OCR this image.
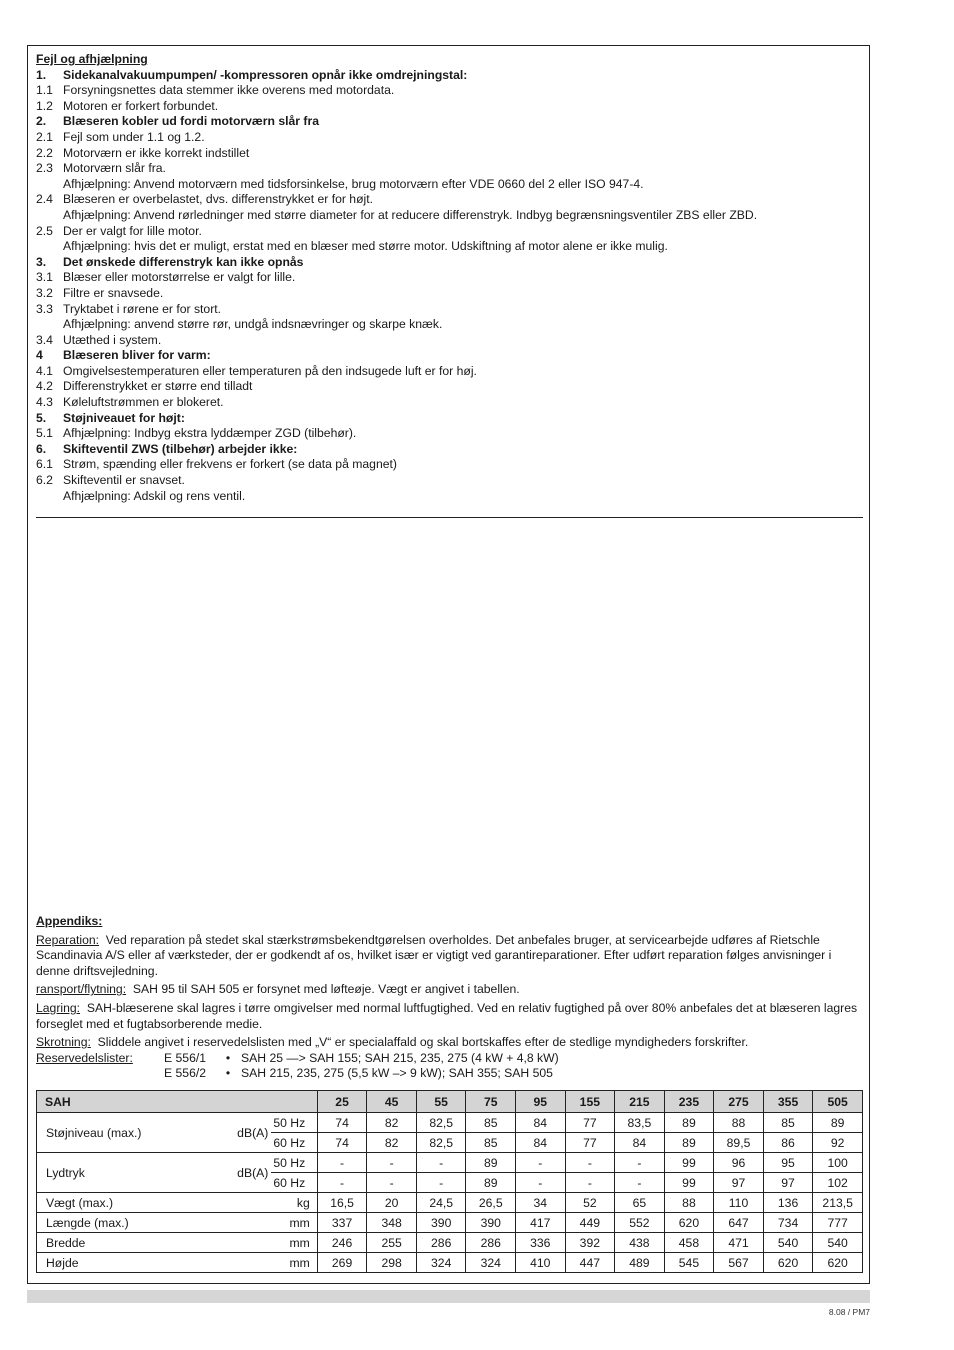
Fejl og afhjælpning
1. Sidekanalvakuumpumpen/ -kompressoren opnår ikke omdrejningstal:
1.1 Forsyningsnettes data stemmer ikke overens med motordata.
1.2 Motoren er forkert forbundet.
2. Blæseren kobler ud fordi motorværn slår fra
2.1 Fejl som under 1.1 og 1.2.
2.2 Motorværn er ikke korrekt indstillet
2.3 Motorværn slår fra.
Afhjælpning: Anvend motorværn med tidsforsinkelse, brug motorværn efter VDE 0660 del 2 eller ISO 947-4.
2.4 Blæseren er overbelastet, dvs. differenstrykket er for højt.
Afhjælpning: Anvend rørledninger med større diameter for at reducere differenstryk. Indbyg begrænsningsventiler ZBS eller ZBD.
2.5 Der er valgt for lille motor.
Afhjælpning: hvis det er muligt, erstat med en blæser med større motor. Udskiftning af motor alene er ikke mulig.
3. Det ønskede differenstryk kan ikke opnås
3.1 Blæser eller motorstørrelse er valgt for lille.
3.2 Filtre er snavsede.
3.3 Tryktabet i rørene er for stort.
Afhjælpning: anvend større rør, undgå indsnævringer og skarpe knæk.
3.4 Utæthed i system.
4 Blæseren bliver for varm:
4.1 Omgivelsestemperaturen eller temperaturen på den indsugede luft er for høj.
4.2 Differenstrykket er større end tilladt
4.3 Køleluftstrømmen er blokeret.
5. Støjniveauet for højt:
5.1 Afhjælpning: Indbyg ekstra lyddæmper ZGD (tilbehør).
6. Skifteventil ZWS (tilbehør) arbejder ikke:
6.1 Strøm, spænding eller frekvens er forkert (se data på magnet)
6.2 Skifteventil er snavset.
Afhjælpning: Adskil og rens ventil.
Appendiks:

Reparation: Ved reparation på stedet skal stærkstrømsbekendtgørelsen overholdes. Det anbefales bruger, at servicearbejde udføres af Rietschle Scandinavia A/S eller af værksteder, der er godkendt af os, hvilket især er vigtigt ved garantireparationer. Efter udført reparation følges anvisninger i denne driftsvejledning.

ransport/flytning: SAH 95 til SAH 505 er forsynet med løfteøje. Vægt er angivet i tabellen.

Lagring: SAH-blæserene skal lagres i tørre omgivelser med normal luftfugtighed. Ved en relativ fugtighed på over 80% anbefales det at blæseren lagres forseglet med et fugtabsorberende medie.

Skrotning: Sliddele angivet i reservedelslisten med „V“ er specialaffald og skal bortskaffes efter de stedlige myndigheders forskrifter.

Reservedelslister:	E 556/1 • SAH 25 —> SAH 155; SAH 215, 235, 275 (4 kW + 4,8 kW)
E 556/2 • SAH 215, 235, 275 (5,5 kW –> 9 kW); SAH 355; SAH 505
SAH			25	45	55	75	95	155	215	235	275	355	505
Støjniveau (max.)	dB(A)	50 Hz	74	82	82,5	85	84	77	83,5	89	88	85	89
		60 Hz	74	82	82,5	85	84	77	84	89	89,5	86	92
Lydtryk	dB(A)	50 Hz	-	-	-	89	-	-	-	99	96	95	100
		60 Hz	-	-	-	89	-	-	-	99	97	97	102
Vægt (max.)		kg	16,5	20	24,5	26,5	34	52	65	88	110	136	213,5
Længde (max.)		mm	337	348	390	390	417	449	552	620	647	734	777
Bredde		mm	246	255	286	286	336	392	438	458	471	540	540
Højde		mm	269	298	324	324	410	447	489	545	567	620	620
8.08 / PM7
